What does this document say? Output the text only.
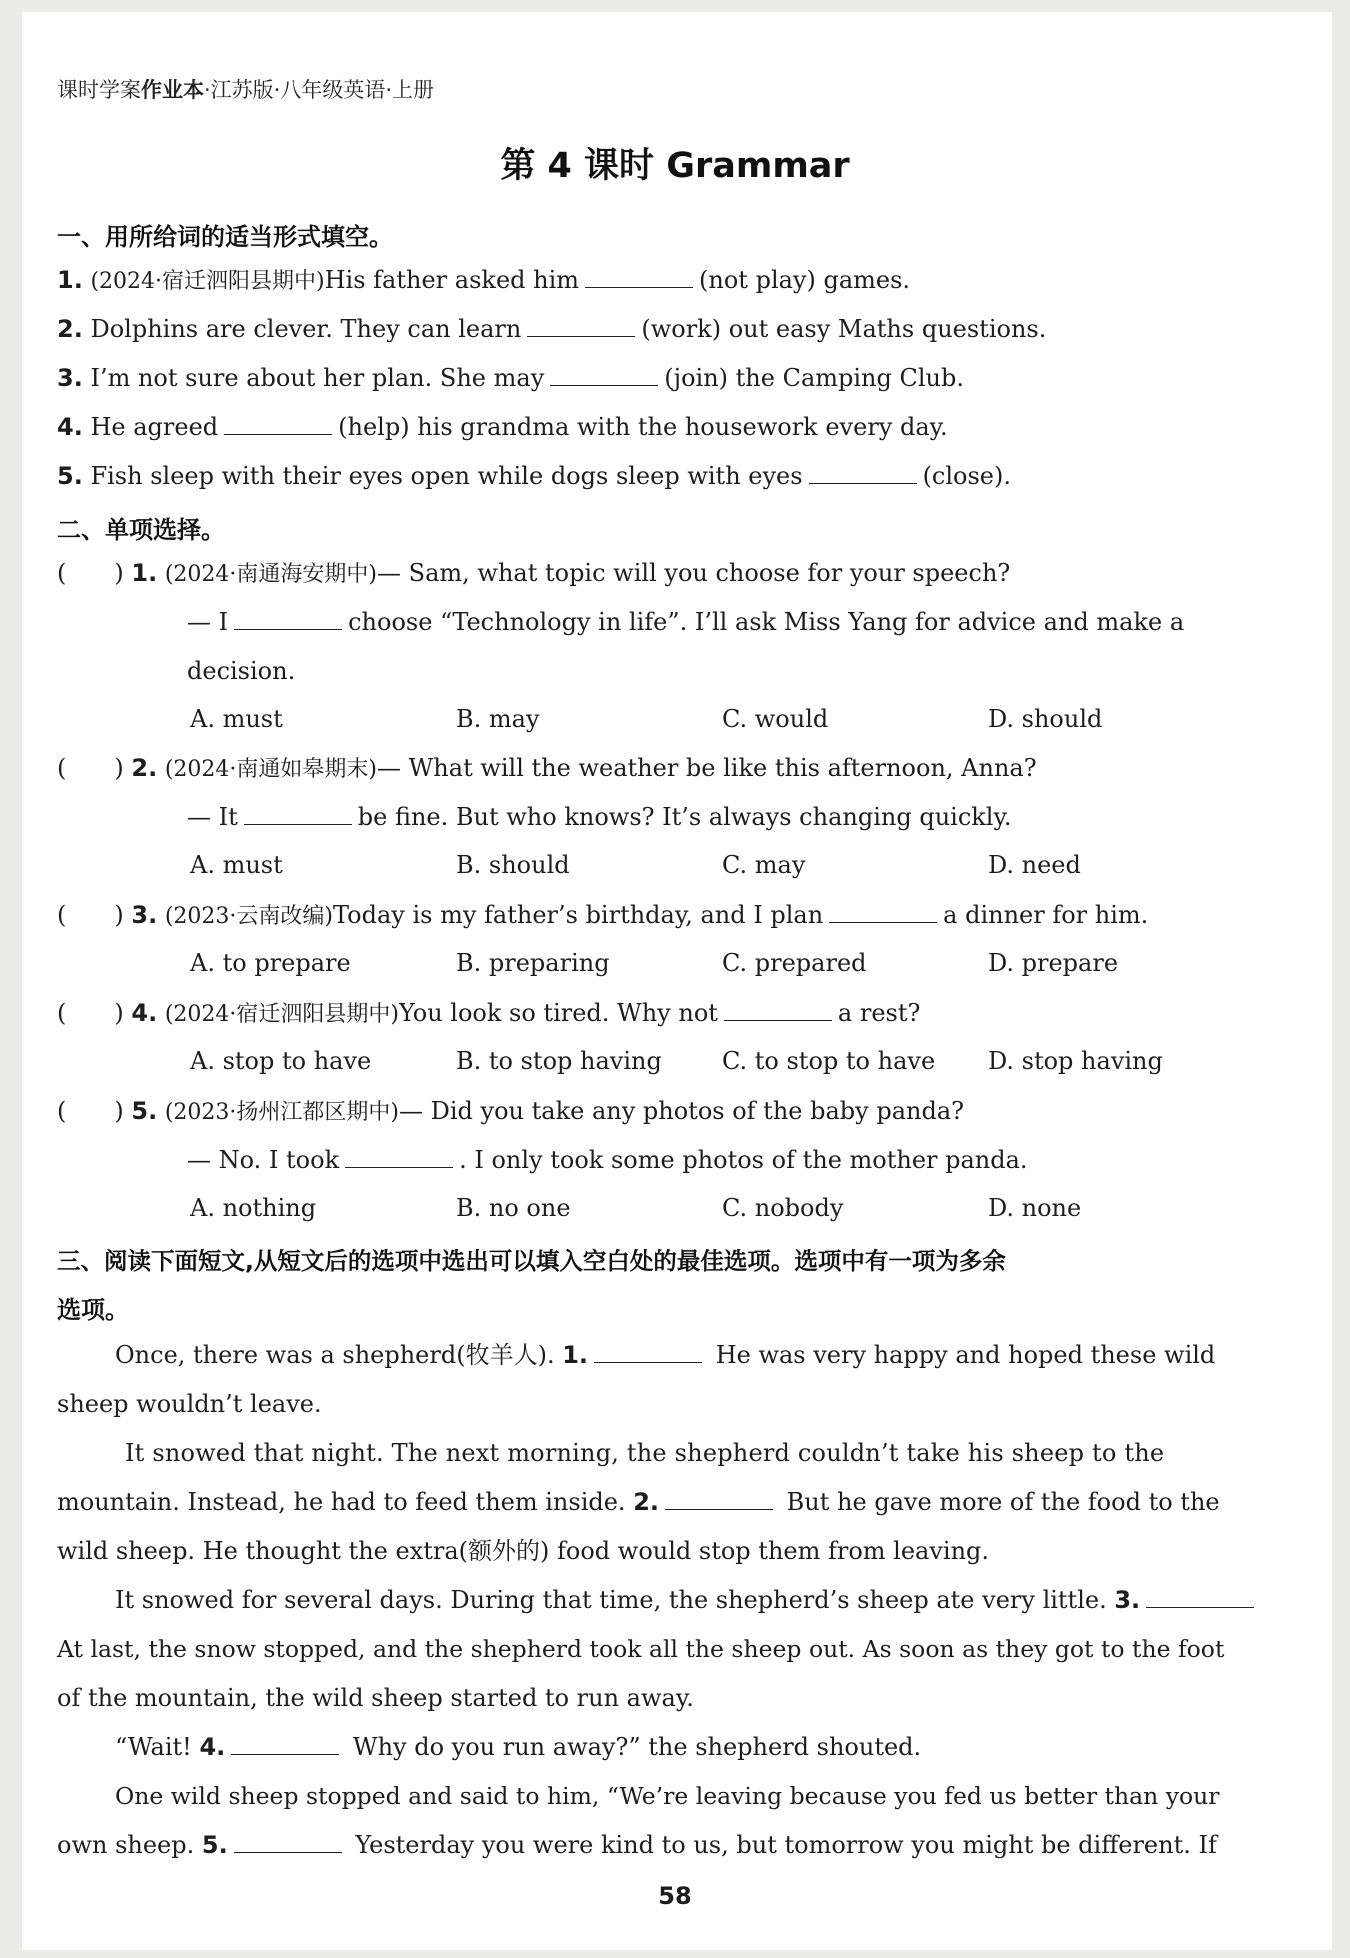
课时学案作业本·江苏版·八年级英语·上册
第 4 课时 Grammar
一、用所给词的适当形式填空。
1. (2024·宿迁泗阳县期中)His father asked him	(not play) games.
2. Dolphins are clever. They can learn	(work) out easy Maths questions.
3. I’m not sure about her plan. She may	(join) the Camping Club.
4. He agreed	(help) his grandma with the housework every day.
5. Fish sleep with their eyes open while dogs sleep with eyes	(close).
二、单项选择。
(　　) 1. (2024·南通海安期中)— Sam, what topic will you choose for your speech?
— I	choose “Technology in life”. I’ll ask Miss Yang for advice and make a
decision.
A. must	B. may	C. would	D. should
(　　) 2. (2024·南通如皋期末)— What will the weather be like this afternoon, Anna?
— It	be fine. But who knows? It’s always changing quickly.
A. must	B. should	C. may	D. need
(　　) 3. (2023·云南改编)Today is my father’s birthday, and I plan	a dinner for him.
A. to prepare	B. preparing	C. prepared	D. prepare
(　　) 4. (2024·宿迁泗阳县期中)You look so tired. Why not	a rest?
A. stop to have	B. to stop having	C. to stop to have D. stop having
(　　) 5. (2023·扬州江都区期中)— Did you take any photos of the baby panda?
— No. I took	. I only took some photos of the mother panda.
A. nothing	B. no one	C. nobody	D. none
三、阅读下面短文,从短文后的选项中选出可以填入空白处的最佳选项。选项中有一项为多余
选项。
Once, there was a shepherd(牧羊人). 1.	He was very happy and hoped these wild
sheep wouldn’t leave.
It snowed that night. The next morning, the shepherd couldn’t take his sheep to the
mountain. Instead, he had to feed them inside. 2.	But he gave more of the food to the
wild sheep. He thought the extra(额外的) food would stop them from leaving.
It snowed for several days. During that time, the shepherd’s sheep ate very little. 3.
At last, the snow stopped, and the shepherd took all the sheep out. As soon as they got to the foot
of the mountain, the wild sheep started to run away.
“Wait! 4.	Why do you run away?” the shepherd shouted.
One wild sheep stopped and said to him, “We’re leaving because you fed us better than your
own sheep. 5.	Yesterday you were kind to us, but tomorrow you might be different. If
58
